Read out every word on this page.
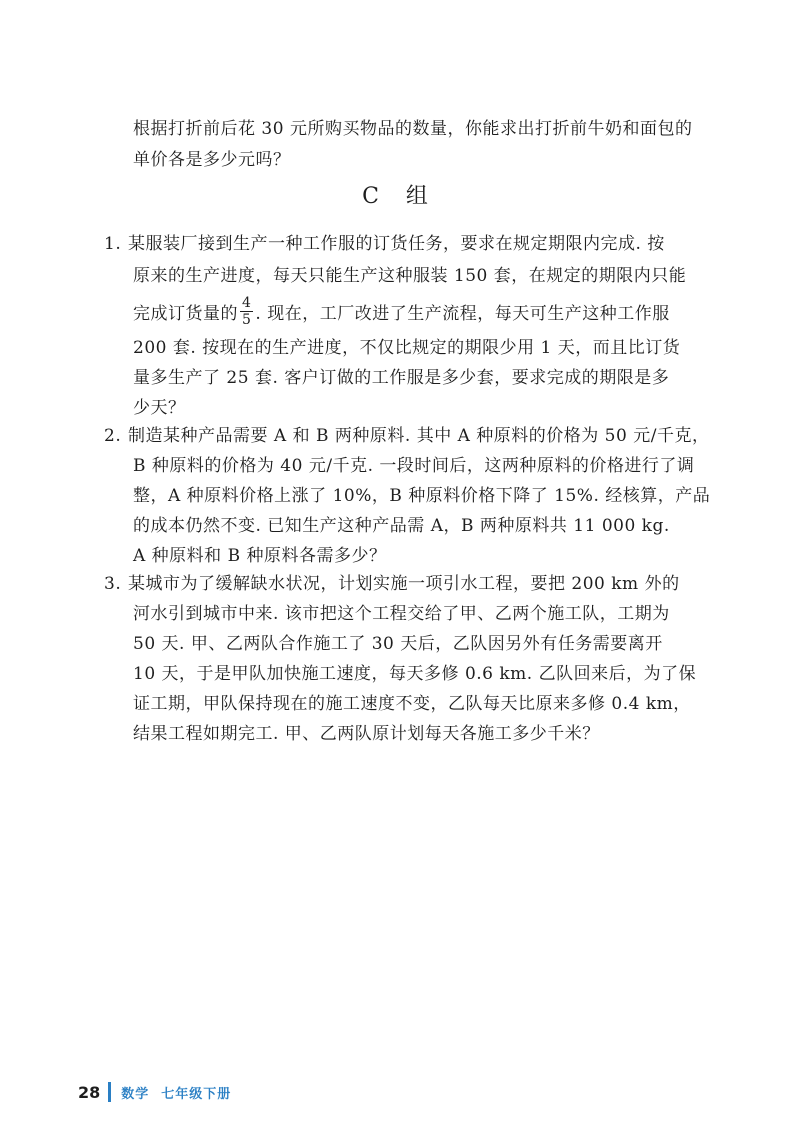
根据打折前后花 30 元所购买物品的数量，你能求出打折前牛奶和面包的
单价各是多少元吗？
C 组
1. 某服装厂接到生产一种工作服的订货任务，要求在规定期限内完成. 按
原来的生产进度，每天只能生产这种服装 150 套，在规定的期限内只能
完成订货量的 $\frac{4}{5}$ . 现在，工厂改进了生产流程，每天可生产这种工作服
200 套. 按现在的生产进度，不仅比规定的期限少用 1 天，而且比订货
量多生产了 25 套. 客户订做的工作服是多少套，要求完成的期限是多
少天？
2. 制造某种产品需要 A 和 B 两种原料. 其中 A 种原料的价格为 50 元/千克，
B 种原料的价格为 40 元/千克. 一段时间后，这两种原料的价格进行了调
整，A 种原料价格上涨了 10%，B 种原料价格下降了 15%. 经核算，产品
的成本仍然不变. 已知生产这种产品需 A，B 两种原料共 11 000 kg.
A 种原料和 B 种原料各需多少？
3. 某城市为了缓解缺水状况，计划实施一项引水工程，要把 200 km 外的
河水引到城市中来. 该市把这个工程交给了甲、乙两个施工队，工期为
50 天. 甲、乙两队合作施工了 30 天后，乙队因另外有任务需要离开
10 天，于是甲队加快施工速度，每天多修 0.6 km. 乙队回来后，为了保
证工期，甲队保持现在的施工速度不变，乙队每天比原来多修 0.4 km，
结果工程如期完工. 甲、乙两队原计划每天各施工多少千米？
28 数学 七年级下册
